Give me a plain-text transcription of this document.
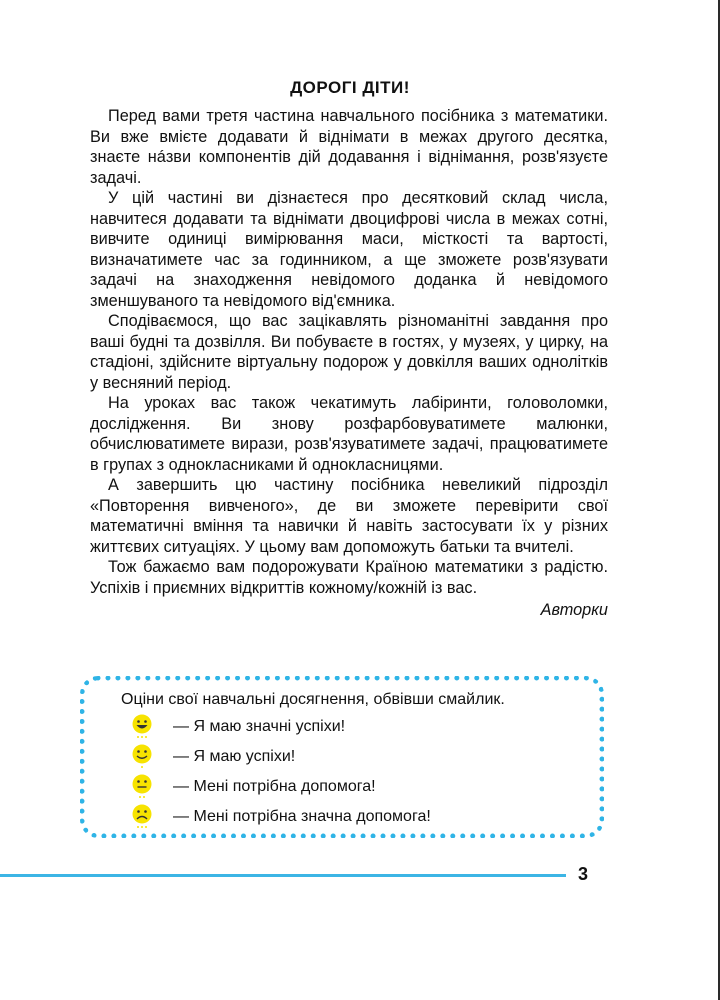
ДОРОГІ ДІТИ!

Перед вами третя частина навчального посібника з математики. Ви вже вмієте додавати й віднімати в межах другого десятка, знаєте нáзви компонентів дій додавання і віднімання, розв'язуєте задачі.

У цій частині ви дізнаєтеся про десятковий склад числа, навчитеся додавати та віднімати двоцифрові числа в межах сотні, вивчите одиниці вимірювання маси, місткості та вартості, визначатимете час за годинником, а ще зможете розв'язувати задачі на знаходження невідомого доданка й невідомого зменшуваного та невідомого від'ємника.

Сподіваємося, що вас зацікавлять різноманітні завдання про ваші будні та дозвілля. Ви побуваєте в гостях, у музеях, у цирку, на стадіоні, здійсните віртуальну подорож у довкілля ваших однолітків у весняний період.

На уроках вас також чекатимуть лабіринти, головоломки, дослідження. Ви знову розфарбовуватимете малюнки, обчислюватимете вирази, розв'язуватимете задачі, працюватимете в групах з однокласниками й однокласницями.

А завершить цю частину посібника невеликий підрозділ «Повторення вивченого», де ви зможете перевірити свої математичні вміння та навички й навіть застосувати їх у різних життєвих ситуаціях. У цьому вам допоможуть батьки та вчителі.

Тож бажаємо вам подорожувати Країною математики з радістю. Успіхів і приємних відкриттів кожному/кожній із вас.

Авторки

Оціни свої навчальні досягнення, обвівши смайлик.

— Я маю значні успіхи!
— Я маю успіхи!
— Мені потрібна допомога!
— Мені потрібна значна допомога!
3
